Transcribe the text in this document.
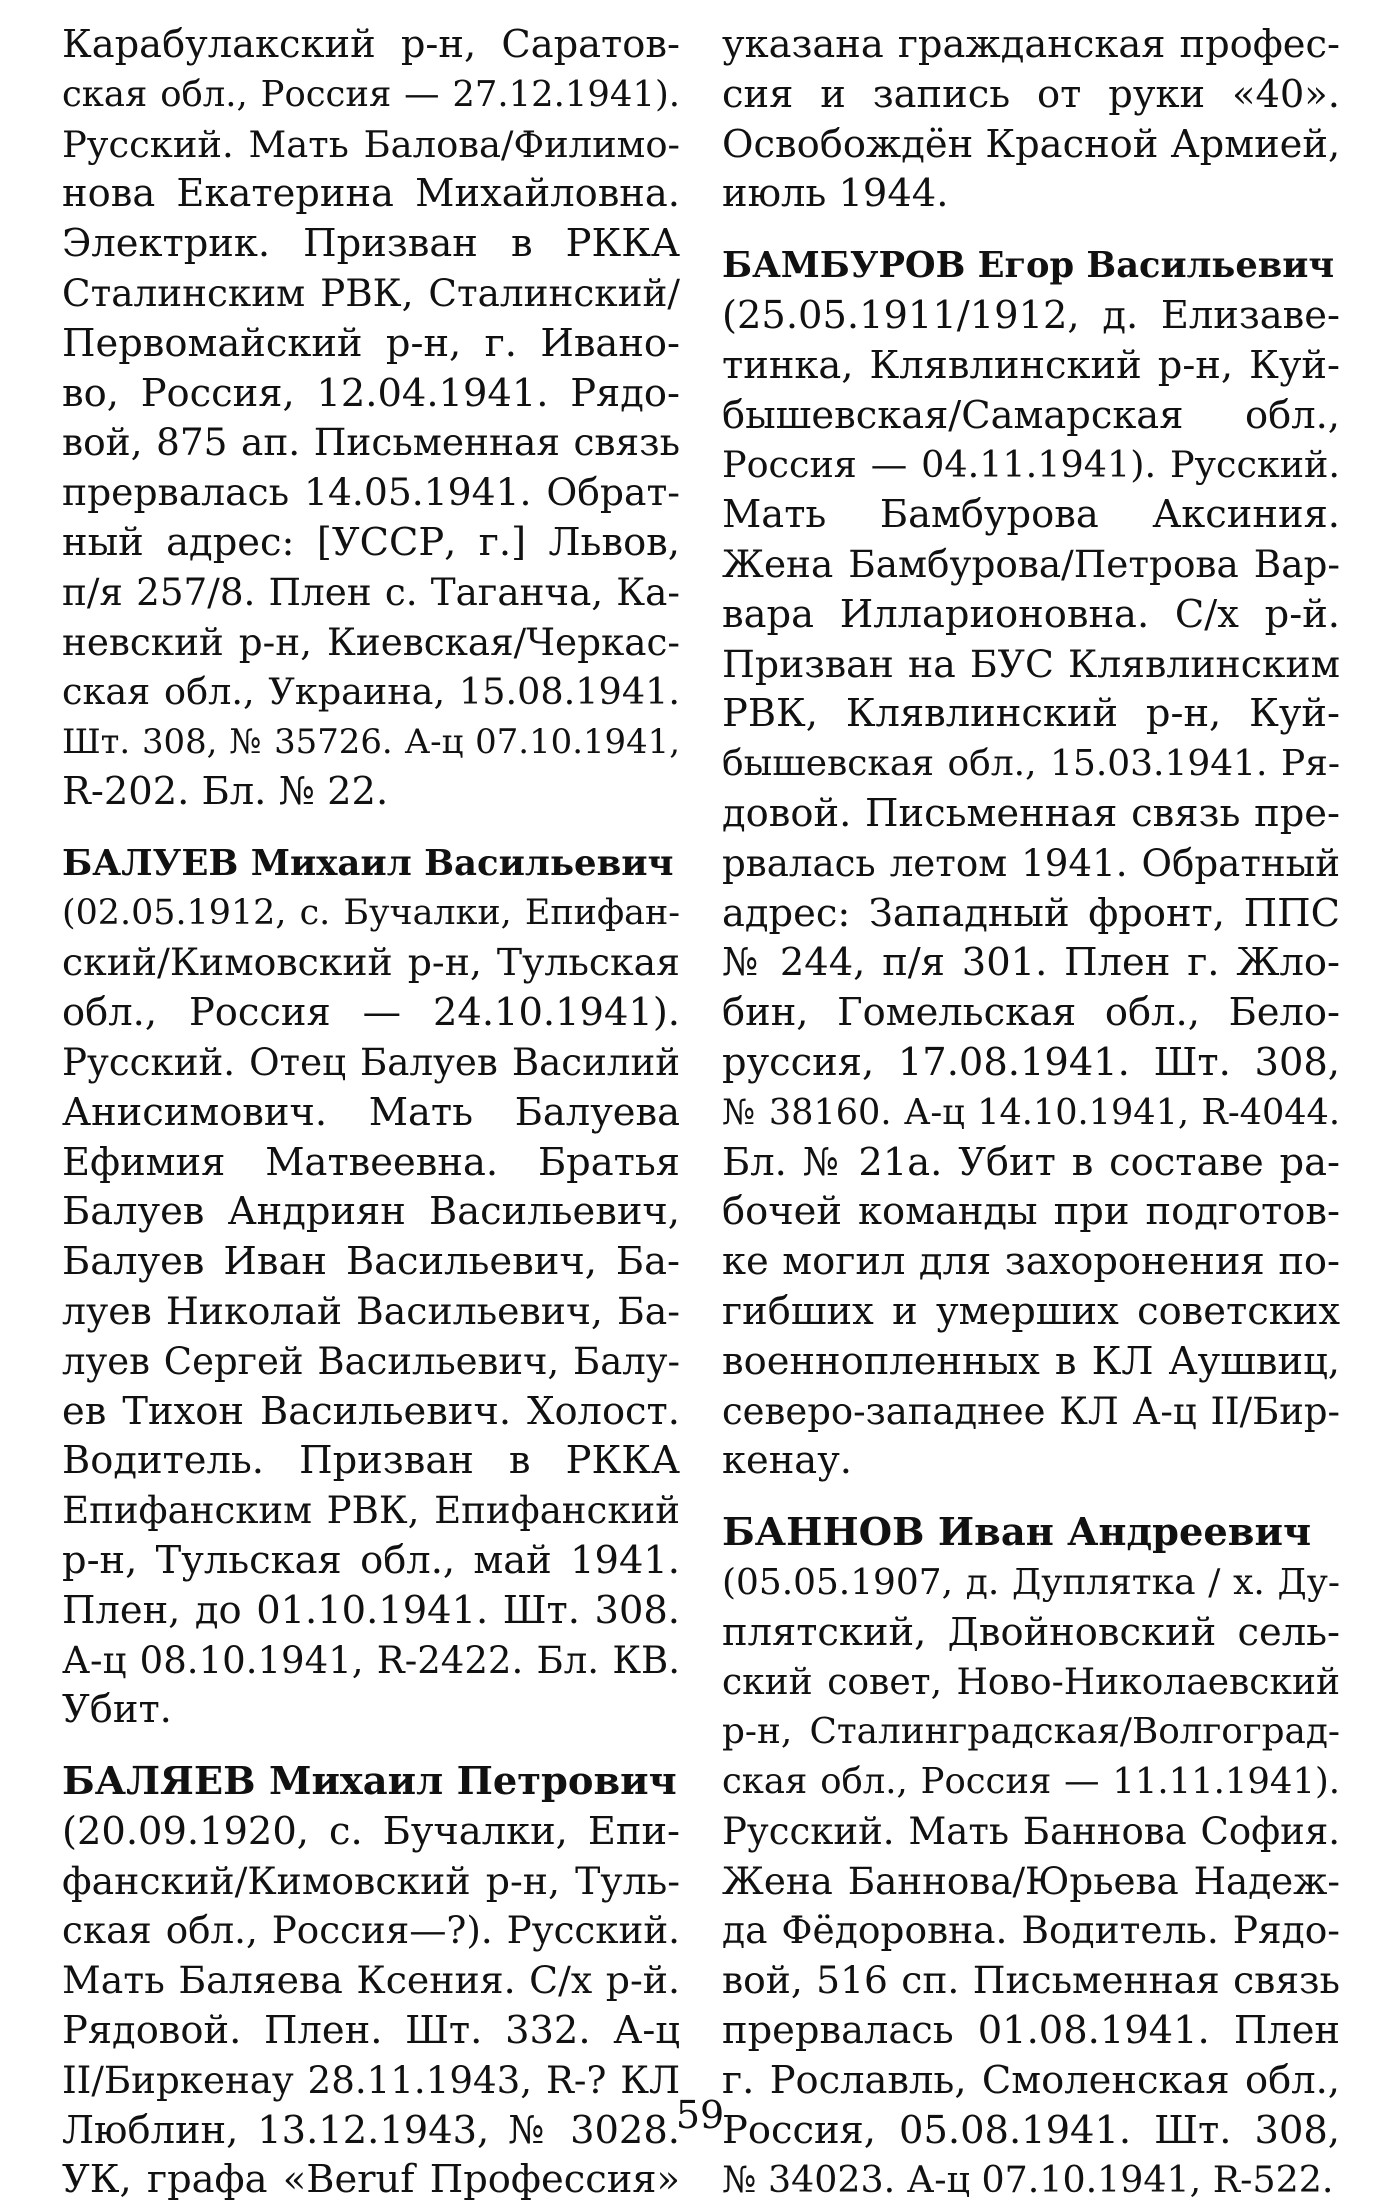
Карабулакский р-н, Саратов-
ская обл., Россия — 27.12.1941).
Русский. Мать Балова/Филимо-
нова Екатерина Михайловна.
Электрик. Призван в РККА
Сталинским РВК, Сталинский/
Первомайский р-н, г. Ивано-
во, Россия, 12.04.1941. Рядо-
вой, 875 ап. Письменная связь
прервалась 14.05.1941. Обрат-
ный адрес: [УССР, г.] Львов,
п/я 257/8. Плен с. Таганча, Ка-
невский р-н, Киевская/Черкас-
ская обл., Украина, 15.08.1941.
Шт. 308, № 35726. А-ц 07.10.1941,
R-202. Бл. № 22.
БАЛУЕВ Михаил Васильевич
(02.05.1912, с. Бучалки, Епифан-
ский/Кимовский р-н, Тульская
обл., Россия — 24.10.1941).
Русский. Отец Балуев Василий
Анисимович. Мать Балуева
Ефимия Матвеевна. Братья
Балуев Андриян Васильевич,
Балуев Иван Васильевич, Ба-
луев Николай Васильевич, Ба-
луев Сергей Васильевич, Балу-
ев Тихон Васильевич. Холост.
Водитель. Призван в РККА
Епифанским РВК, Епифанский
р-н, Тульская обл., май 1941.
Плен, до 01.10.1941. Шт. 308.
А-ц 08.10.1941, R-2422. Бл. КВ.
Убит.
БАЛЯЕВ Михаил Петрович
(20.09.1920, с. Бучалки, Епи-
фанский/Кимовский р-н, Туль-
ская обл., Россия—?). Русский.
Мать Баляева Ксения. С/х р-й.
Рядовой. Плен. Шт. 332. А-ц
II/Биркенау 28.11.1943, R-? КЛ
Люблин, 13.12.1943, № 3028.
УК, графа «Beruf Профессия»
указана гражданская профес-
сия и запись от руки «40».
Освобождён Красной Армией,
июль 1944.
БАМБУРОВ Егор Васильевич
(25.05.1911/1912, д. Елизаве-
тинка, Клявлинский р-н, Куй-
бышевская/Самарская обл.,
Россия — 04.11.1941). Русский.
Мать Бамбурова Аксиния.
Жена Бамбурова/Петрова Вар-
вара Илларионовна. С/х р-й.
Призван на БУС Клявлинским
РВК, Клявлинский р-н, Куй-
бышевская обл., 15.03.1941. Ря-
довой. Письменная связь пре-
рвалась летом 1941. Обратный
адрес: Западный фронт, ППС
№ 244, п/я 301. Плен г. Жло-
бин, Гомельская обл., Бело-
руссия, 17.08.1941. Шт. 308,
№ 38160. А-ц 14.10.1941, R-4044.
Бл. № 21а. Убит в составе ра-
бочей команды при подготов-
ке могил для захоронения по-
гибших и умерших советских
военнопленных в КЛ Аушвиц,
северо-западнее КЛ А-ц II/Бир-
кенау.
БАННОВ Иван Андреевич
(05.05.1907, д. Дуплятка / х. Ду-
плятский, Двойновский сель-
ский совет, Ново-Николаевский
р-н, Сталинградская/Волгоград-
ская обл., Россия — 11.11.1941).
Русский. Мать Баннова София.
Жена Баннова/Юрьева Надеж-
да Фёдоровна. Водитель. Рядо-
вой, 516 сп. Письменная связь
прервалась 01.08.1941. Плен
г. Рославль, Смоленская обл.,
Россия, 05.08.1941. Шт. 308,
№ 34023. А-ц 07.10.1941, R-522.
59
